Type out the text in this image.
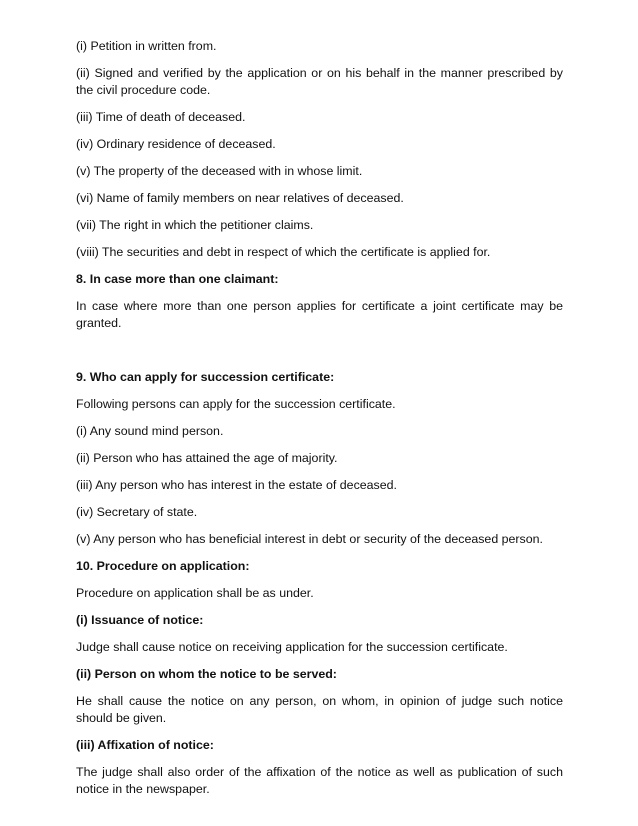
(i) Petition in written from.

(ii) Signed and verified by the application or on his behalf in the manner prescribed by the civil procedure code.

(iii) Time of death of deceased.

(iv) Ordinary residence of deceased.

(v) The property of the deceased with in whose limit.

(vi) Name of family members on near relatives of deceased.

(vii) The right in which the petitioner claims.

(viii) The securities and debt in respect of which the certificate is applied for.

8. In case more than one claimant:

In case where more than one person applies for certificate a joint certificate may be granted.

9. Who can apply for succession certificate:

Following persons can apply for the succession certificate.

(i) Any sound mind person.

(ii) Person who has attained the age of majority.

(iii) Any person who has interest in the estate of deceased.

(iv) Secretary of state.

(v) Any person who has beneficial interest in debt or security of the deceased person.

10. Procedure on application:

Procedure on application shall be as under.

(i) Issuance of notice:

Judge shall cause notice on receiving application for the succession certificate.

(ii) Person on whom the notice to be served:

He shall cause the notice on any person, on whom, in opinion of judge such notice should be given.

(iii) Affixation of notice:

The judge shall also order of the affixation of the notice as well as publication of such notice in the newspaper.
